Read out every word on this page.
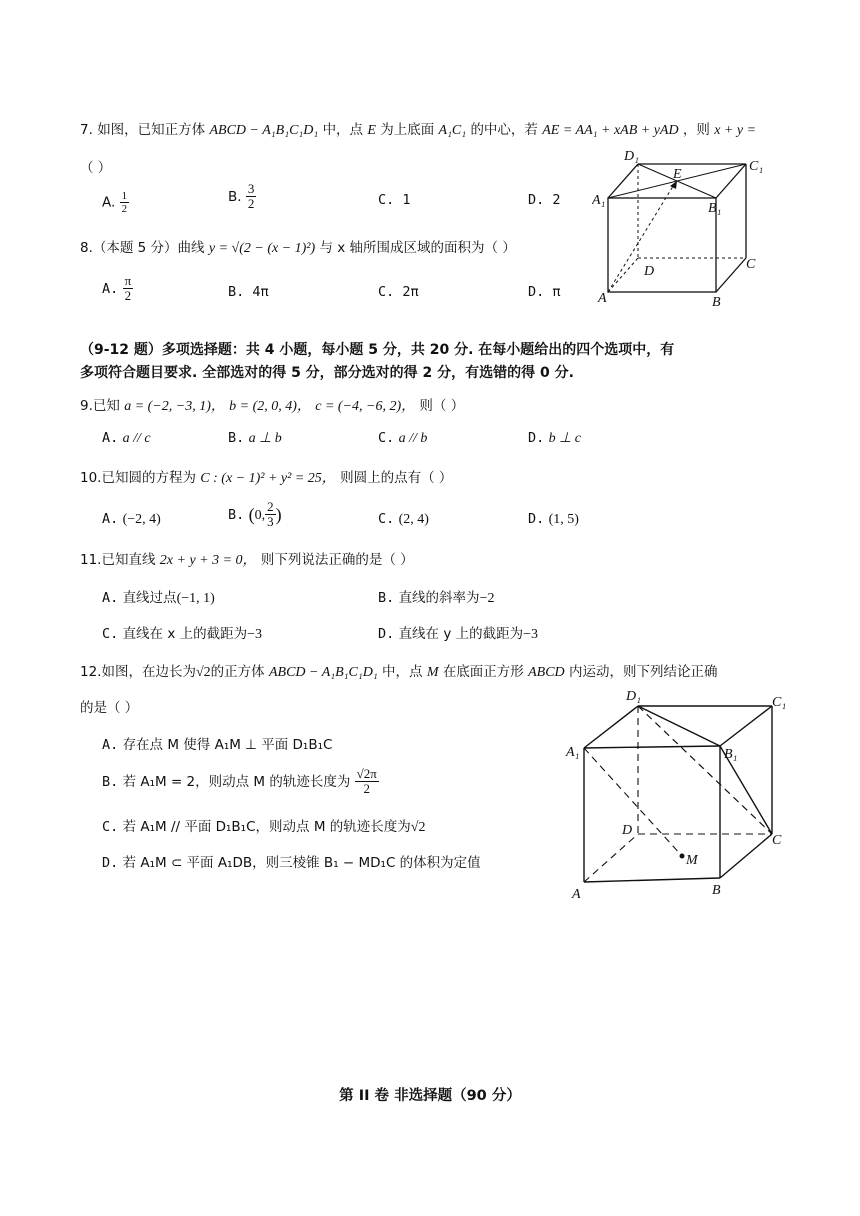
7. 如图，已知正方体 ABCD − A₁B₁C₁D₁ 中，点 E 为上底面 A₁C₁ 的中心，若 AE = AA₁ + xAB + yAD ，则 x + y =
（ ）
A. $\frac{1}{2}$	B. $\frac{3}{2}$	C. 1	D. 2
D₁
E
C₁
A₁
B₁
D	C
A	B
8.（本题 5 分）曲线 y = √(2 − (x − 1)²) 与 x 轴所围成区域的面积为（ ）
A. $\frac{\pi}{2}$	B. 4π	C. 2π	D. π
（9-12 题）多项选择题：共 4 小题，每小题 5 分，共 20 分. 在每小题给出的四个选项中，有
多项符合题目要求. 全部选对的得 5 分，部分选对的得 2 分，有选错的得 0 分.
9.已知 a = (−2, −3, 1)， b = (2, 0, 4)， c = (−4, −6, 2)， 则（ ）
A. a // c	B. a ⊥ b	C. a // b	D. b ⊥ c
10.已知圆的方程为 C : (x − 1)² + y² = 25， 则圆上的点有（ ）
A. (−2, 4)	B. (0, $\frac{2}{3}$ )	C. (2, 4)	D. (1, 5)
11.已知直线 2x + y + 3 = 0， 则下列说法正确的是（ ）
A. 直线过点(−1, 1)	B. 直线的斜率为−2
C. 直线在 x 上的截距为−3	D. 直线在 y 上的截距为−3
12.如图，在边长为√2的正方体 ABCD − A₁B₁C₁D₁ 中，点 M 在底面正方形 ABCD 内运动，则下列结论正确
的是（ ）
A. 存在点 M 使得 A₁M ⊥ 平面 D₁B₁C
B. 若 A₁M = 2，则动点 M 的轨迹长度为 $\frac{√2\pi}{2}$
C. 若 A₁M // 平面 D₁B₁C，则动点 M 的轨迹长度为√2
D. 若 A₁M ⊂ 平面 A₁DB，则三棱锥 B₁ − MD₁C 的体积为定值
D₁	C₁
A₁	B₁
D
C
M
A	B
第 II 卷 非选择题（90 分）
